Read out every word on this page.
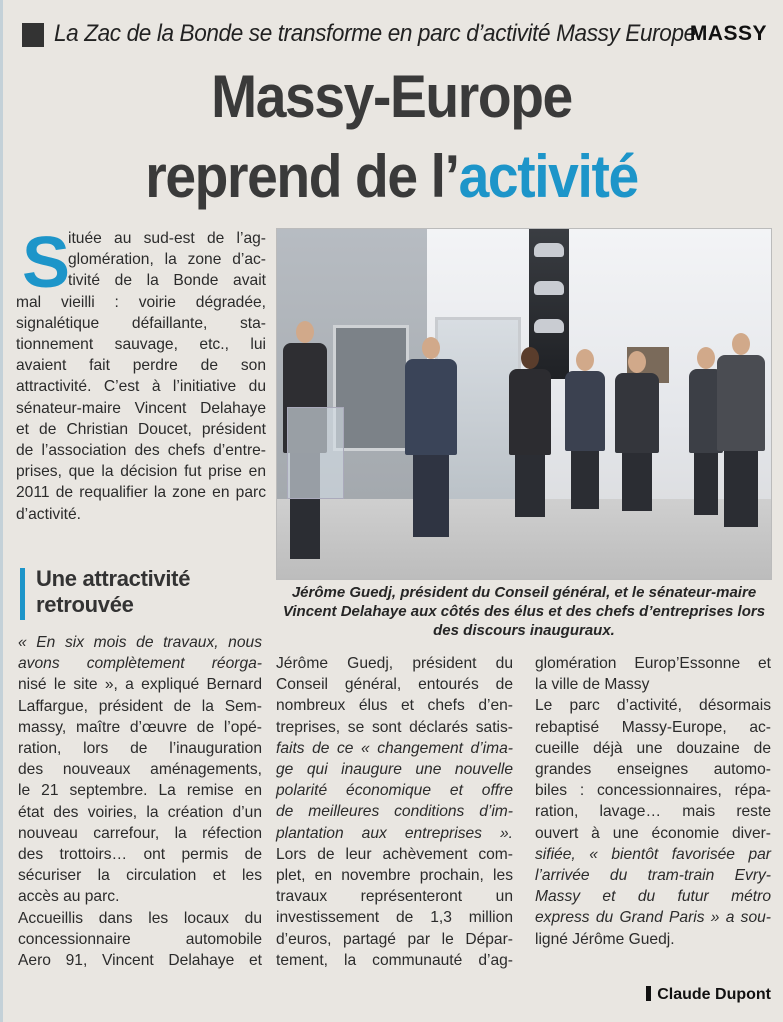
La Zac de la Bonde se transforme en parc d’activité Massy Europe
MASSY
Massy-Europe
reprend de l’activité
S
ituée au sud-est de l’ag-
glomération, la zone d’ac-
tivité de la Bonde avait
mal vieilli : voirie dégradée,
signalétique défaillante, sta-
tionnement sauvage, etc., lui
avaient fait perdre de son
attractivité. C’est à l’initiative du
sénateur-maire Vincent Delahaye
et de Christian Doucet, président
de l’association des chefs d’entre-
prises, que la décision fut prise en
2011 de requalifier la zone en parc
d’activité.
Une attractivité
retrouvée	Jérôme Guedj, président du Conseil général, et le sénateur-maire Vincent Delahaye aux côtés des élus et des chefs d’entreprises lors des discours inauguraux.
« En six mois de travaux, nous
avons complètement réorga-
nisé le site », a expliqué Bernard
Laffargue, président de la Sem-
massy, maître d’œuvre de l’opé-
ration, lors de l’inauguration
des nouveaux aménagements,
le 21 septembre. La remise en
état des voiries, la création d’un
nouveau carrefour, la réfection
des trottoirs… ont permis de
sécuriser la circulation et les
accès au parc.
Accueillis dans les locaux du
concessionnaire automobile
Aero 91, Vincent Delahaye et
Jérôme Guedj, président du
Conseil général, entourés de
nombreux élus et chefs d’en-
treprises, se sont déclarés satis-
faits de ce « changement d’ima-
ge qui inaugure une nouvelle
polarité économique et offre
de meilleures conditions d’im-
plantation aux entreprises ».
Lors de leur achèvement com-
plet, en novembre prochain, les
travaux représenteront un
investissement de 1,3 million
d’euros, partagé par le Dépar-
tement, la communauté d’ag-
glomération Europ’Essonne et
la ville de Massy
Le parc d’activité, désormais
rebaptisé Massy-Europe, ac-
cueille déjà une douzaine de
grandes enseignes automo-
biles : concessionnaires, répa-
ration, lavage… mais reste
ouvert à une économie diver-
sifiée, « bientôt favorisée par
l’arrivée du tram-train Evry-
Massy et du futur métro
express du Grand Paris » a sou-
ligné Jérôme Guedj.
Claude Dupont
